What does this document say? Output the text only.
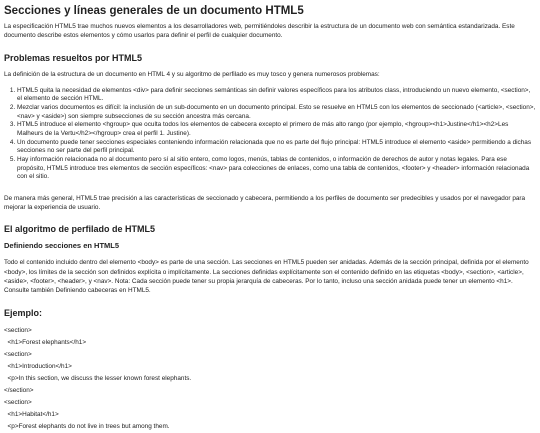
Secciones y líneas generales de un documento HTML5

La especificación HTML5 trae muchos nuevos elementos a los desarrolladores web, permitiéndoles describir la estructura de un documento web con semántica estandarizada. Este documento describe estos elementos y cómo usarlos para definir el perfil de cualquier documento.

Problemas resueltos por HTML5

La definición de la estructura de un documento en HTML 4 y su algoritmo de perfilado es muy tosco y genera numerosos problemas:

1. HTML5 quita la necesidad de elementos <div> para definir secciones semánticas sin definir valores específicos para los atributos class, introduciendo un nuevo elemento, <section>, el elemento de sección HTML.
2. Mezclar varios documentos es difícil: la inclusión de un sub-documento en un documento principal. Esto se resuelve en HTML5 con los elementos de seccionado (<article>, <section>, <nav> y <aside>) son siempre subsecciones de su sección ancestra más cercana.
3. HTML5 introduce el elemento <hgroup> que oculta todos los elementos de cabecera excepto el primero de más alto rango (por ejemplo, <hgroup><h1>Justine</h1><h2>Les Malheurs de la Vertu</h2></hgroup> crea el perfil 1. Justine).
4. Un documento puede tener secciones especiales conteniendo información relacionada que no es parte del flujo principal: HTML5 introduce el elemento <aside> permitiendo a dichas secciones no ser parte del perfil principal.
5. Hay información relacionada no al documento pero sí al sitio entero, como logos, menús, tablas de contenidos, o información de derechos de autor y notas legales. Para ese propósito, HTML5 introduce tres elementos de sección específicos: <nav> para colecciones de enlaces, como una tabla de contenidos, <footer> y <header> información relacionada con el sitio.

De manera más general, HTML5 trae precisión a las características de seccionado y cabecera, permitiendo a los perfiles de documento ser predecibles y usados por el navegador para mejorar la experiencia de usuario.

El algoritmo de perfilado de HTML5
Definiendo secciones en HTML5

Todo el contenido incluido dentro del elemento <body> es parte de una sección. Las secciones en HTML5 pueden ser anidadas. Además de la sección principal, definida por el elemento <body>, los límites de la sección son definidos explícita o implícitamente. La secciones definidas explícitamente son el contenido definido en las etiquetas <body>, <section>, <article>, <aside>, <footer>, <header>, y <nav>. Nota: Cada sección puede tener su propia jerarquía de cabeceras. Por lo tanto, incluso una sección anidada puede tener un elemento <h1>. Consulte también Definiendo cabeceras en HTML5.

Ejemplo:
<section>
<h1>Forest elephants</h1>
<section>
<h1>Introduction</h1>
<p>In this section, we discuss the lesser known forest elephants.
</section>
<section>
<h1>Habitat</h1>
<p>Forest elephants do not live in trees but among them.
